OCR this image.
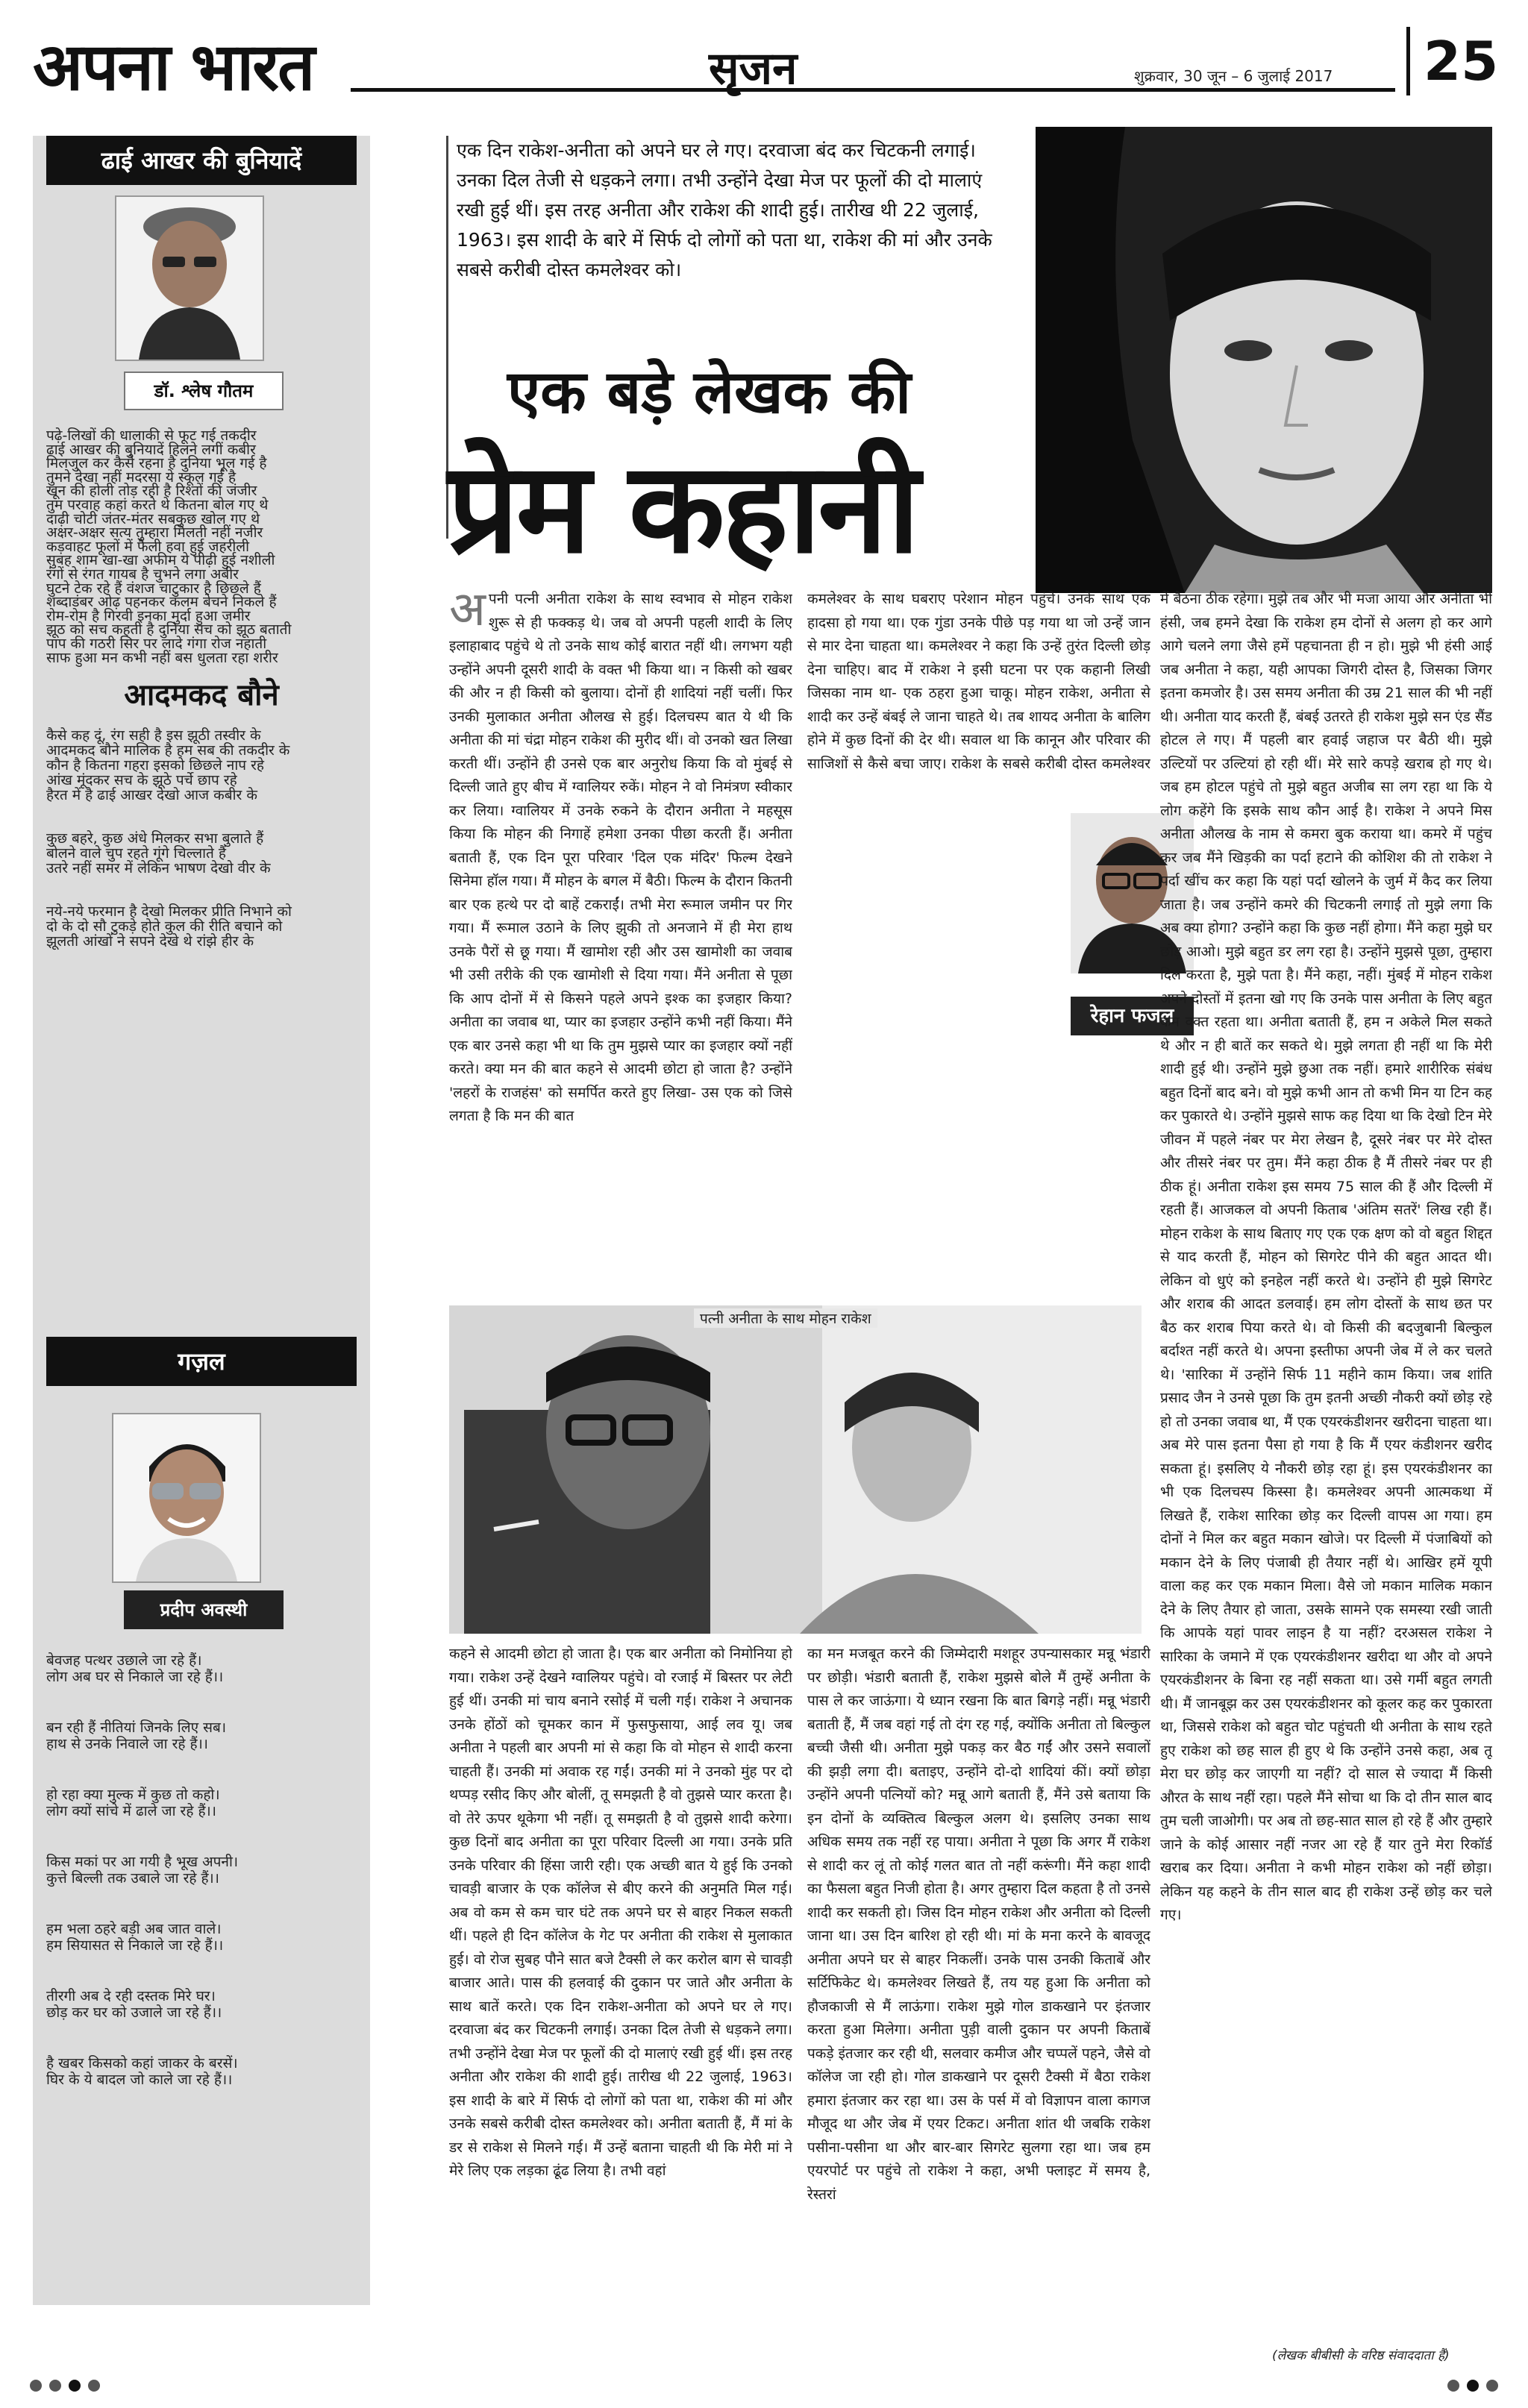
अपना भारत	सृजन	शुक्रवार, 30 जून – 6 जुलाई 2017 25
ढाई आखर की बुनियादें
डॉ. श्लेष गौतम
पढ़े-लिखों की धालाकी से फूट गई तकदीर
ढाई आखर की बुनियादें हिलने लगीं कबीर
मिलजुल कर कैसे रहना है दुनिया भूल गई है
तुमने देखा नहीं मदरसा ये स्कूल गई है
खून की होली तोड़ रही है रिश्तों की जंजीर
तुम परवाह कहां करते थे कितना बोल गए थे
दाढ़ी चोटी जंतर-मंतर सबकुछ खोल गए थे
अक्षर-अक्षर सत्य तुम्हारा मिलती नहीं नजीर
कड़वाहट फूलों में फैली हवा हुई जहरीली
सुबह शाम खा-खा अफीम ये पीढ़ी हुई नशीली
रंगों से रंगत गायब है चुभने लगा अबीर
घुटने टेक रहे हैं वंशज चाटुकार है छिछले हैं
शब्दाडंबर ओढ़ पहनकर कलम बेचने निकले हैं
रोम-रोम है गिरवी इनका मुर्दा हुआ जमीर
झूठ को सच कहती है दुनिया सच को झूठ बताती
पाप की गठरी सिर पर लादे गंगा रोज नहाती
साफ हुआ मन कभी नहीं बस धुलता रहा शरीर
आदमकद बौने
कैसे कह दूं, रंग सही है इस झूठी तस्वीर के
आदमकद बौने मालिक है हम सब की तकदीर के
कौन है कितना गहरा इसको छिछले नाप रहे
आंख मूंदकर सच के झूठे पर्चे छाप रहे
हैरत में है ढाई आखर देखो आज कबीर के
कुछ बहरे, कुछ अंधे मिलकर सभा बुलाते हैं
बोलने वाले चुप रहते गूंगे चिल्लाते हैं
उतरे नहीं समर में लेकिन भाषण देखो वीर के
नये-नये फरमान है देखो मिलकर प्रीति निभाने को
दो के दो सौ टुकड़े होते कुल की रीति बचाने को
झूलती आंखों ने सपने देखे थे रांझे हीर के
गज़ल
प्रदीप अवस्थी
बेवजह पत्थर उछाले जा रहे हैं।
लोग अब घर से निकाले जा रहे हैं।।
बन रही हैं नीतियां जिनके लिए सब।
हाथ से उनके निवाले जा रहे हैं।।
हो रहा क्या मुल्क में कुछ तो कहो।
लोग क्यों सांचे में ढाले जा रहे हैं।।
किस मकां पर आ गयी है भूख अपनी।
कुत्ते बिल्ली तक उबाले जा रहे हैं।।
हम भला ठहरे बड़ी अब जात वाले।
हम सियासत से निकाले जा रहे हैं।।
तीरगी अब दे रही दस्तक मिरे घर।
छोड़ कर घर को उजाले जा रहे हैं।।
है खबर किसको कहां जाकर के बरसें।
घिर के ये बादल जो काले जा रहे हैं।।
एक दिन राकेश-अनीता को अपने घर ले गए। दरवाजा बंद कर चिटकनी लगाई। उनका दिल तेजी से धड़कने लगा। तभी उन्होंने देखा मेज पर फूलों की दो मालाएं रखी हुई थीं। इस तरह अनीता और राकेश की शादी हुई। तारीख थी 22 जुलाई, 1963। इस शादी के बारे में सिर्फ दो लोगों को पता था, राकेश की मां और उनके सबसे करीबी दोस्त कमलेश्वर को।
एक बड़े लेखक की
प्रेम कहानी
अपनी पत्नी अनीता राकेश के साथ स्वभाव से मोहन राकेश शुरू से ही फक्कड़ थे। जब वो अपनी पहली शादी के लिए इलाहाबाद पहुंचे थे तो उनके साथ कोई बारात नहीं थी। लगभग यही उन्होंने अपनी दूसरी शादी के वक्त भी किया था। न किसी को खबर की और न ही किसी को बुलाया। दोनों ही शादियां नहीं चलीं। फिर उनकी मुलाकात अनीता औलख से हुई। दिलचस्प बात ये थी कि अनीता की मां चंद्रा मोहन राकेश की मुरीद थीं। वो उनको खत लिखा करती थीं। उन्होंने ही उनसे एक बार अनुरोध किया कि वो मुंबई से दिल्ली जाते हुए बीच में ग्वालियर रुकें। मोहन ने वो निमंत्रण स्वीकार कर लिया। ग्वालियर में उनके रुकने के दौरान अनीता ने महसूस किया कि मोहन की निगाहें हमेशा उनका पीछा करती हैं। अनीता बताती हैं, एक दिन पूरा परिवार 'दिल एक मंदिर' फिल्म देखने सिनेमा हॉल गया। मैं मोहन के बगल में बैठी। फिल्म के दौरान कितनी बार एक हत्थे पर दो बाहें टकराईं। तभी मेरा रूमाल जमीन पर गिर गया। मैं रूमाल उठाने के लिए झुकी तो अनजाने में ही मेरा हाथ उनके पैरों से छू गया। मैं खामोश रही और उस खामोशी का जवाब भी उसी तरीके की एक खामोशी से दिया गया। मैंने अनीता से पूछा कि आप दोनों में से किसने पहले अपने इश्क का इजहार किया? अनीता का जवाब था, प्यार का इजहार उन्होंने कभी नहीं किया। मैंने एक बार उनसे कहा भी था कि तुम मुझसे प्यार का इजहार क्यों नहीं करते। क्या मन की बात कहने से आदमी छोटा हो जाता है? उन्होंने 'लहरों के राजहंस' को समर्पित करते हुए लिखा- उस एक को जिसे लगता है कि मन की बात
कमलेश्वर के साथ घबराए परेशान मोहन पहुंचे। उनके साथ एक हादसा हो गया था। एक गुंडा उनके पीछे पड़ गया था जो उन्हें जान से मार देना चाहता था। कमलेश्वर ने कहा कि उन्हें तुरंत दिल्ली छोड़ देना चाहिए। बाद में राकेश ने इसी घटना पर एक कहानी लिखी जिसका नाम था- एक ठहरा हुआ चाकू। मोहन राकेश, अनीता से शादी कर उन्हें बंबई ले जाना चाहते थे। तब शायद अनीता के बालिग होने में कुछ दिनों की देर थी। सवाल था कि कानून और परिवार की साजिशों से कैसे बचा जाए। राकेश के सबसे करीबी दोस्त कमलेश्वर
रेहान फजल
में बैठना ठीक रहेगा। मुझे तब और भी मजा आया और अनीता भी हंसी, जब हमने देखा कि राकेश हम दोनों से अलग हो कर आगे आगे चलने लगा जैसे हमें पहचानता ही न हो। मुझे भी हंसी आई जब अनीता ने कहा, यही आपका जिगरी दोस्त है, जिसका जिगर इतना कमजोर है। उस समय अनीता की उम्र 21 साल की भी नहीं थी। अनीता याद करती हैं, बंबई उतरते ही राकेश मुझे सन एंड सैंड होटल ले गए। मैं पहली बार हवाई जहाज पर बैठी थी। मुझे उल्टियों पर उल्टियां हो रही थीं। मेरे सारे कपड़े खराब हो गए थे। जब हम होटल पहुंचे तो मुझे बहुत अजीब सा लग रहा था कि ये लोग कहेंगे कि इसके साथ कौन आई है। राकेश ने अपने मिस अनीता औलख के नाम से कमरा बुक कराया था। कमरे में पहुंच कर जब मैंने खिड़की का पर्दा हटाने की कोशिश की तो राकेश ने पर्दा खींच कर कहा कि यहां पर्दा खोलने के जुर्म में कैद कर लिया जाता है। जब उन्होंने कमरे की चिटकनी लगाई तो मुझे लगा कि अब क्या होगा? उन्होंने कहा कि कुछ नहीं होगा। मैंने कहा मुझे घर छोड़ आओ। मुझे बहुत डर लग रहा है। उन्होंने मुझसे पूछा, तुम्हारा दिल करता है, मुझे पता है। मैंने कहा, नहीं। मुंबई में मोहन राकेश अपने दोस्तों में इतना खो गए कि उनके पास अनीता के लिए बहुत कम वक्त रहता था। अनीता बताती हैं, हम न अकेले मिल सकते थे और न ही बातें कर सकते थे। मुझे लगता ही नहीं था कि मेरी शादी हुई थी। उन्होंने मुझे छुआ तक नहीं। हमारे शारीरिक संबंध बहुत दिनों बाद बने। वो मुझे कभी आन तो कभी मिन या टिन कह कर पुकारते थे। उन्होंने मुझसे साफ कह दिया था कि देखो टिन मेरे जीवन में पहले नंबर पर मेरा लेखन है, दूसरे नंबर पर मेरे दोस्त और तीसरे नंबर पर तुम। मैंने कहा ठीक है मैं तीसरे नंबर पर ही ठीक हूं। अनीता राकेश इस समय 75 साल की हैं और दिल्ली में रहती हैं। आजकल वो अपनी किताब 'अंतिम सतरें' लिख रही हैं। मोहन राकेश के साथ बिताए गए एक एक क्षण को वो बहुत शिद्दत से याद करती हैं, मोहन को सिगरेट पीने की बहुत आदत थी। लेकिन वो धुएं को इनहेल नहीं करते थे। उन्होंने ही मुझे सिगरेट और शराब की आदत डलवाई। हम लोग दोस्तों के साथ छत पर बैठ कर शराब पिया करते थे। वो किसी की बदजुबानी बिल्कुल बर्दाश्त नहीं करते थे। अपना इस्तीफा अपनी जेब में ले कर चलते थे। 'सारिका में उन्होंने सिर्फ 11 महीने काम किया। जब शांति प्रसाद जैन ने उनसे पूछा कि तुम इतनी अच्छी नौकरी क्यों छोड़ रहे हो तो उनका जवाब था, मैं एक एयरकंडीशनर खरीदना चाहता था। अब मेरे पास इतना पैसा हो गया है कि मैं एयर कंडीशनर खरीद सकता हूं। इसलिए ये नौकरी छोड़ रहा हूं। इस एयरकंडीशनर का भी एक दिलचस्प किस्सा है। कमलेश्वर अपनी आत्मकथा में लिखते हैं, राकेश सारिका छोड़ कर दिल्ली वापस आ गया। हम दोनों ने मिल कर बहुत मकान खोजे। पर दिल्ली में पंजाबियों को मकान देने के लिए पंजाबी ही तैयार नहीं थे। आखिर हमें यूपी वाला कह कर एक मकान मिला। वैसे जो मकान मालिक मकान देने के लिए तैयार हो जाता, उसके सामने एक समस्या रखी जाती कि आपके यहां पावर लाइन है या नहीं? दरअसल राकेश ने सारिका के जमाने में एक एयरकंडीशनर खरीदा था और वो अपने एयरकंडीशनर के बिना रह नहीं सकता था। उसे गर्मी बहुत लगती थी। मैं जानबूझ कर उस एयरकंडीशनर को कूलर कह कर पुकारता था, जिससे राकेश को बहुत चोट पहुंचती थी अनीता के साथ रहते हुए राकेश को छह साल ही हुए थे कि उन्होंने उनसे कहा, अब तू मेरा घर छोड़ कर जाएगी या नहीं? दो साल से ज्यादा मैं किसी औरत के साथ नहीं रहा। पहले मैंने सोचा था कि दो तीन साल बाद तुम चली जाओगी। पर अब तो छह-सात साल हो रहे हैं और तुम्हारे जाने के कोई आसार नहीं नजर आ रहे हैं यार तुने मेरा रिकॉर्ड खराब कर दिया। अनीता ने कभी मोहन राकेश को नहीं छोड़ा। लेकिन यह कहने के तीन साल बाद ही राकेश उन्हें छोड़ कर चले गए।
पत्नी अनीता के साथ मोहन राकेश
कहने से आदमी छोटा हो जाता है। एक बार अनीता को निमोनिया हो गया। राकेश उन्हें देखने ग्वालियर पहुंचे। वो रजाई में बिस्तर पर लेटी हुई थीं। उनकी मां चाय बनाने रसोई में चली गई। राकेश ने अचानक उनके होंठों को चूमकर कान में फुसफुसाया, आई लव यू। जब अनीता ने पहली बार अपनी मां से कहा कि वो मोहन से शादी करना चाहती हैं। उनकी मां अवाक रह गईं। उनकी मां ने उनको मुंह पर दो थप्पड़ रसीद किए और बोलीं, तू समझती है वो तुझसे प्यार करता है। वो तेरे ऊपर थूकेगा भी नहीं। तू समझती है वो तुझसे शादी करेगा। कुछ दिनों बाद अनीता का पूरा परिवार दिल्ली आ गया। उनके प्रति उनके परिवार की हिंसा जारी रही। एक अच्छी बात ये हुई कि उनको चावड़ी बाजार के एक कॉलेज से बीए करने की अनुमति मिल गई। अब वो कम से कम चार घंटे तक अपने घर से बाहर निकल सकती थीं। पहले ही दिन कॉलेज के गेट पर अनीता की राकेश से मुलाकात हुई। वो रोज सुबह पौने सात बजे टैक्सी ले कर करोल बाग से चावड़ी बाजार आते। पास की हलवाई की दुकान पर जाते और अनीता के साथ बातें करते। एक दिन राकेश-अनीता को अपने घर ले गए। दरवाजा बंद कर चिटकनी लगाई। उनका दिल तेजी से धड़कने लगा। तभी उन्होंने देखा मेज पर फूलों की दो मालाएं रखी हुई थीं। इस तरह अनीता और राकेश की शादी हुई। तारीख थी 22 जुलाई, 1963। इस शादी के बारे में सिर्फ दो लोगों को पता था, राकेश की मां और उनके सबसे करीबी दोस्त कमलेश्वर को। अनीता बताती हैं, मैं मां के डर से राकेश से मिलने गई। मैं उन्हें बताना चाहती थी कि मेरी मां ने मेरे लिए एक लड़का ढूंढ लिया है। तभी वहां
का मन मजबूत करने की जिम्मेदारी मशहूर उपन्यासकार मन्नू भंडारी पर छोड़ी। भंडारी बताती हैं, राकेश मुझसे बोले मैं तुम्हें अनीता के पास ले कर जाऊंगा। ये ध्यान रखना कि बात बिगड़े नहीं। मन्नू भंडारी बताती हैं, मैं जब वहां गई तो दंग रह गई, क्योंकि अनीता तो बिल्कुल बच्ची जैसी थी। अनीता मुझे पकड़ कर बैठ गईं और उसने सवालों की झड़ी लगा दी। बताइए, उन्होंने दो-दो शादियां कीं। क्यों छोड़ा उन्होंने अपनी पत्नियों को? मन्नू आगे बताती हैं, मैंने उसे बताया कि इन दोनों के व्यक्तित्व बिल्कुल अलग थे। इसलिए उनका साथ अधिक समय तक नहीं रह पाया। अनीता ने पूछा कि अगर मैं राकेश से शादी कर लूं तो कोई गलत बात तो नहीं करूंगी। मैंने कहा शादी का फैसला बहुत निजी होता है। अगर तुम्हारा दिल कहता है तो उनसे शादी कर सकती हो। जिस दिन मोहन राकेश और अनीता को दिल्ली जाना था। उस दिन बारिश हो रही थी। मां के मना करने के बावजूद अनीता अपने घर से बाहर निकलीं। उनके पास उनकी किताबें और सर्टिफिकेट थे। कमलेश्वर लिखते हैं, तय यह हुआ कि अनीता को हौजकाजी से मैं लाऊंगा। राकेश मुझे गोल डाकखाने पर इंतजार करता हुआ मिलेगा। अनीता पुड़ी वाली दुकान पर अपनी किताबें पकड़े इंतजार कर रही थी, सलवार कमीज और चप्पलें पहने, जैसे वो कॉलेज जा रही हो। गोल डाकखाने पर दूसरी टैक्सी में बैठा राकेश हमारा इंतजार कर रहा था। उस के पर्स में वो विज्ञापन वाला कागज मौजूद था और जेब में एयर टिकट। अनीता शांत थी जबकि राकेश पसीना-पसीना था और बार-बार सिगरेट सुलगा रहा था। जब हम एयरपोर्ट पर पहुंचे तो राकेश ने कहा, अभी फ्लाइट में समय है, रेस्तरां
(लेखक बीबीसी के वरिष्ठ संवाददाता हैं)
